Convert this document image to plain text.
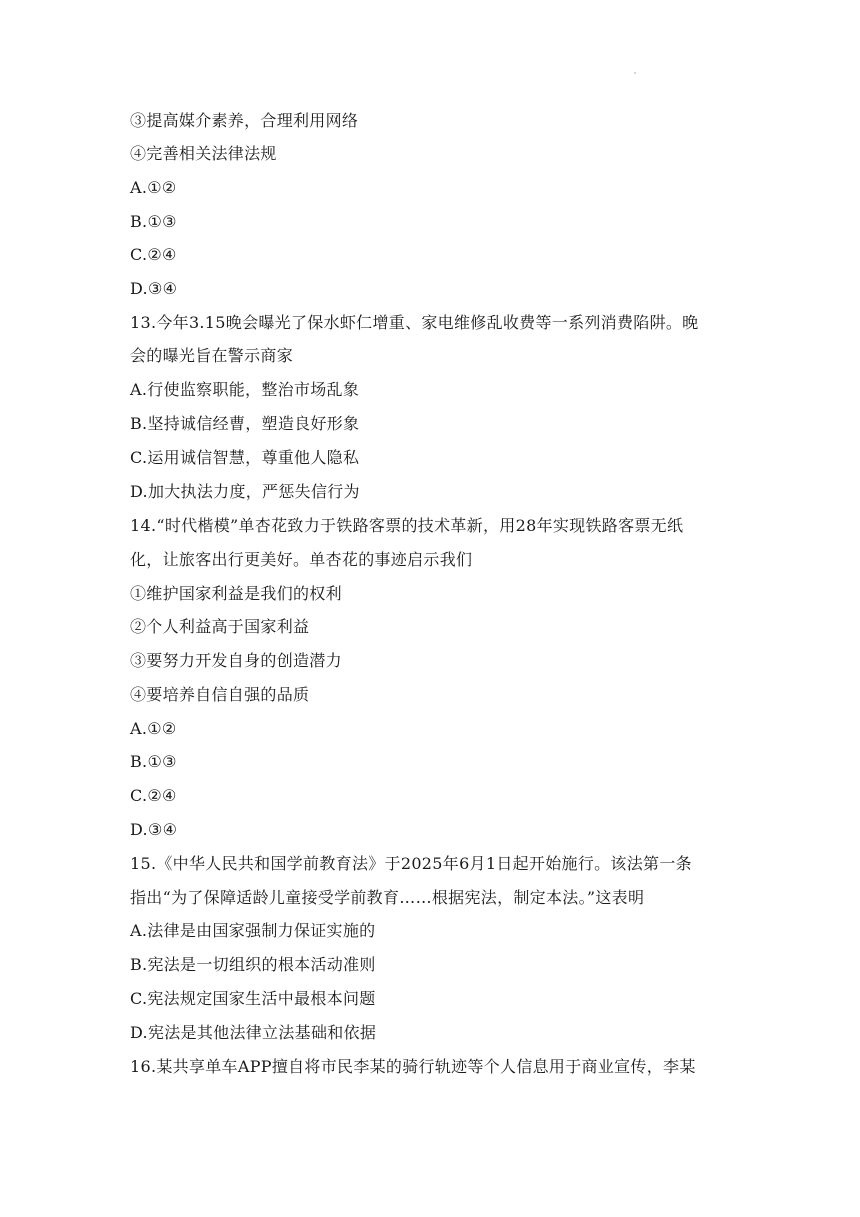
③提高媒介素养，合理利用网络
④完善相关法律法规
A.①②
B.①③
C.②④
D.③④
13.今年3.15晚会曝光了保水虾仁增重、家电维修乱收费等一系列消费陷阱。晚
会的曝光旨在警示商家
A.行使监察职能，整治市场乱象
B.坚持诚信经曹，塑造良好形象
C.运用诚信智慧，尊重他人隐私
D.加大执法力度，严惩失信行为
14.“时代楷模”单杏花致力于铁路客票的技术革新，用28年实现铁路客票无纸
化，让旅客出行更美好。单杏花的事迹启示我们
①维护国家利益是我们的权利
②个人利益高于国家利益
③要努力开发自身的创造潜力
④要培养自信自强的品质
A.①②
B.①③
C.②④
D.③④
15.《中华人民共和国学前教育法》于2025年6月1日起开始施行。该法第一条
指出“为了保障适龄儿童接受学前教育……根据宪法，制定本法。”这表明
A.法律是由国家强制力保证实施的
B.宪法是一切组织的根本活动准则
C.宪法规定国家生活中最根本问题
D.宪法是其他法律立法基础和依据
16.某共享单车APP擅自将市民李某的骑行轨迹等个人信息用于商业宣传，李某
